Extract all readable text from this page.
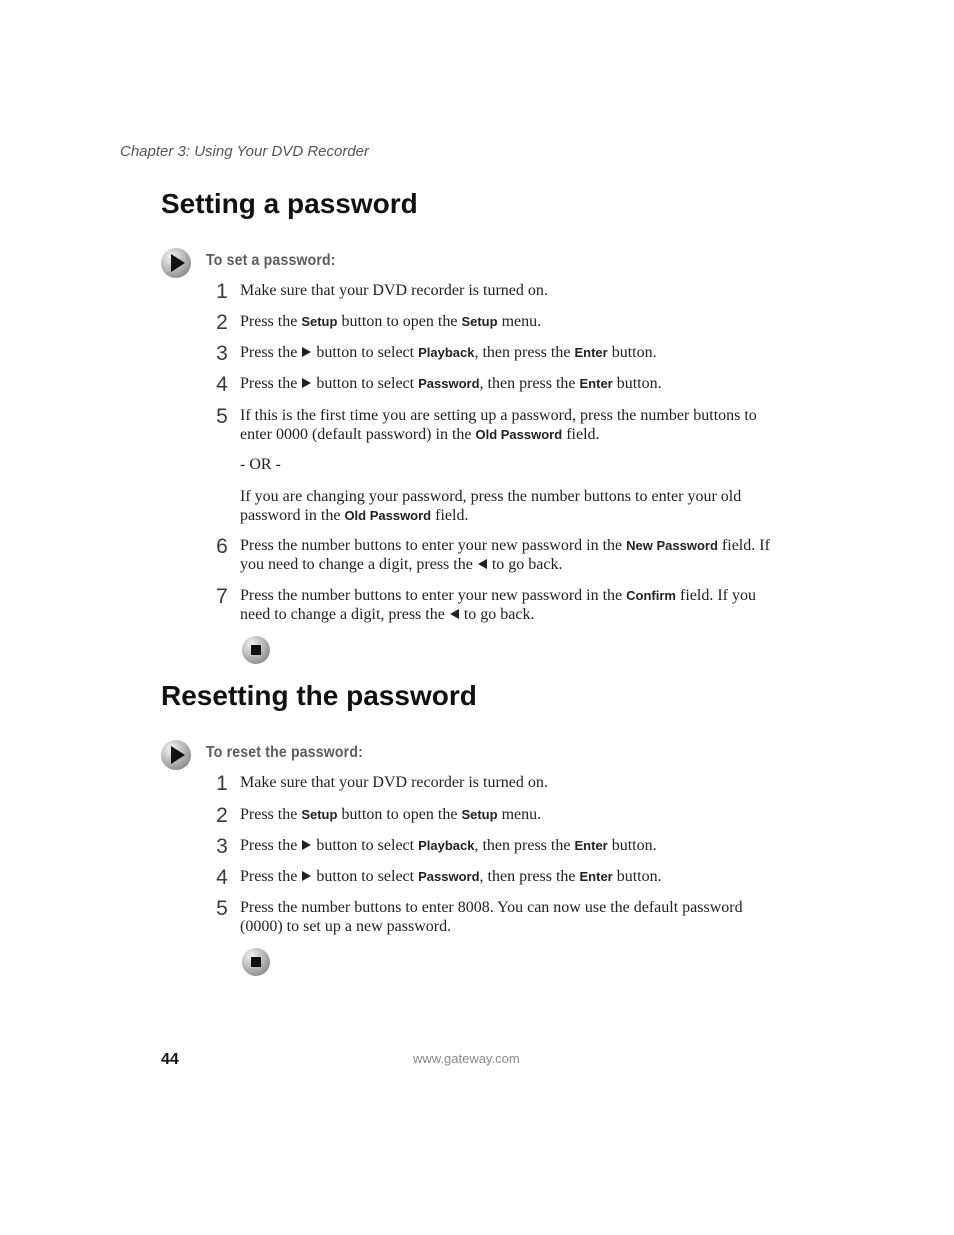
Chapter 3: Using Your DVD Recorder
Setting a password
To set a password:
1 Make sure that your DVD recorder is turned on.
2 Press the Setup button to open the Setup menu.
3 Press the  button to select Playback, then press the Enter button.
4 Press the  button to select Password, then press the Enter button.
5 If this is the first time you are setting up a password, press the number buttons to enter 0000 (default password) in the Old Password field.
- OR -
If you are changing your password, press the number buttons to enter your old password in the Old Password field.
6 Press the number buttons to enter your new password in the New Password field. If you need to change a digit, press the  to go back.
7 Press the number buttons to enter your new password in the Confirm field. If you need to change a digit, press the  to go back.
Resetting the password
To reset the password:
1 Make sure that your DVD recorder is turned on.
2 Press the Setup button to open the Setup menu.
3 Press the  button to select Playback, then press the Enter button.
4 Press the  button to select Password, then press the Enter button.
5 Press the number buttons to enter 8008. You can now use the default password (0000) to set up a new password.
44	www.gateway.com
